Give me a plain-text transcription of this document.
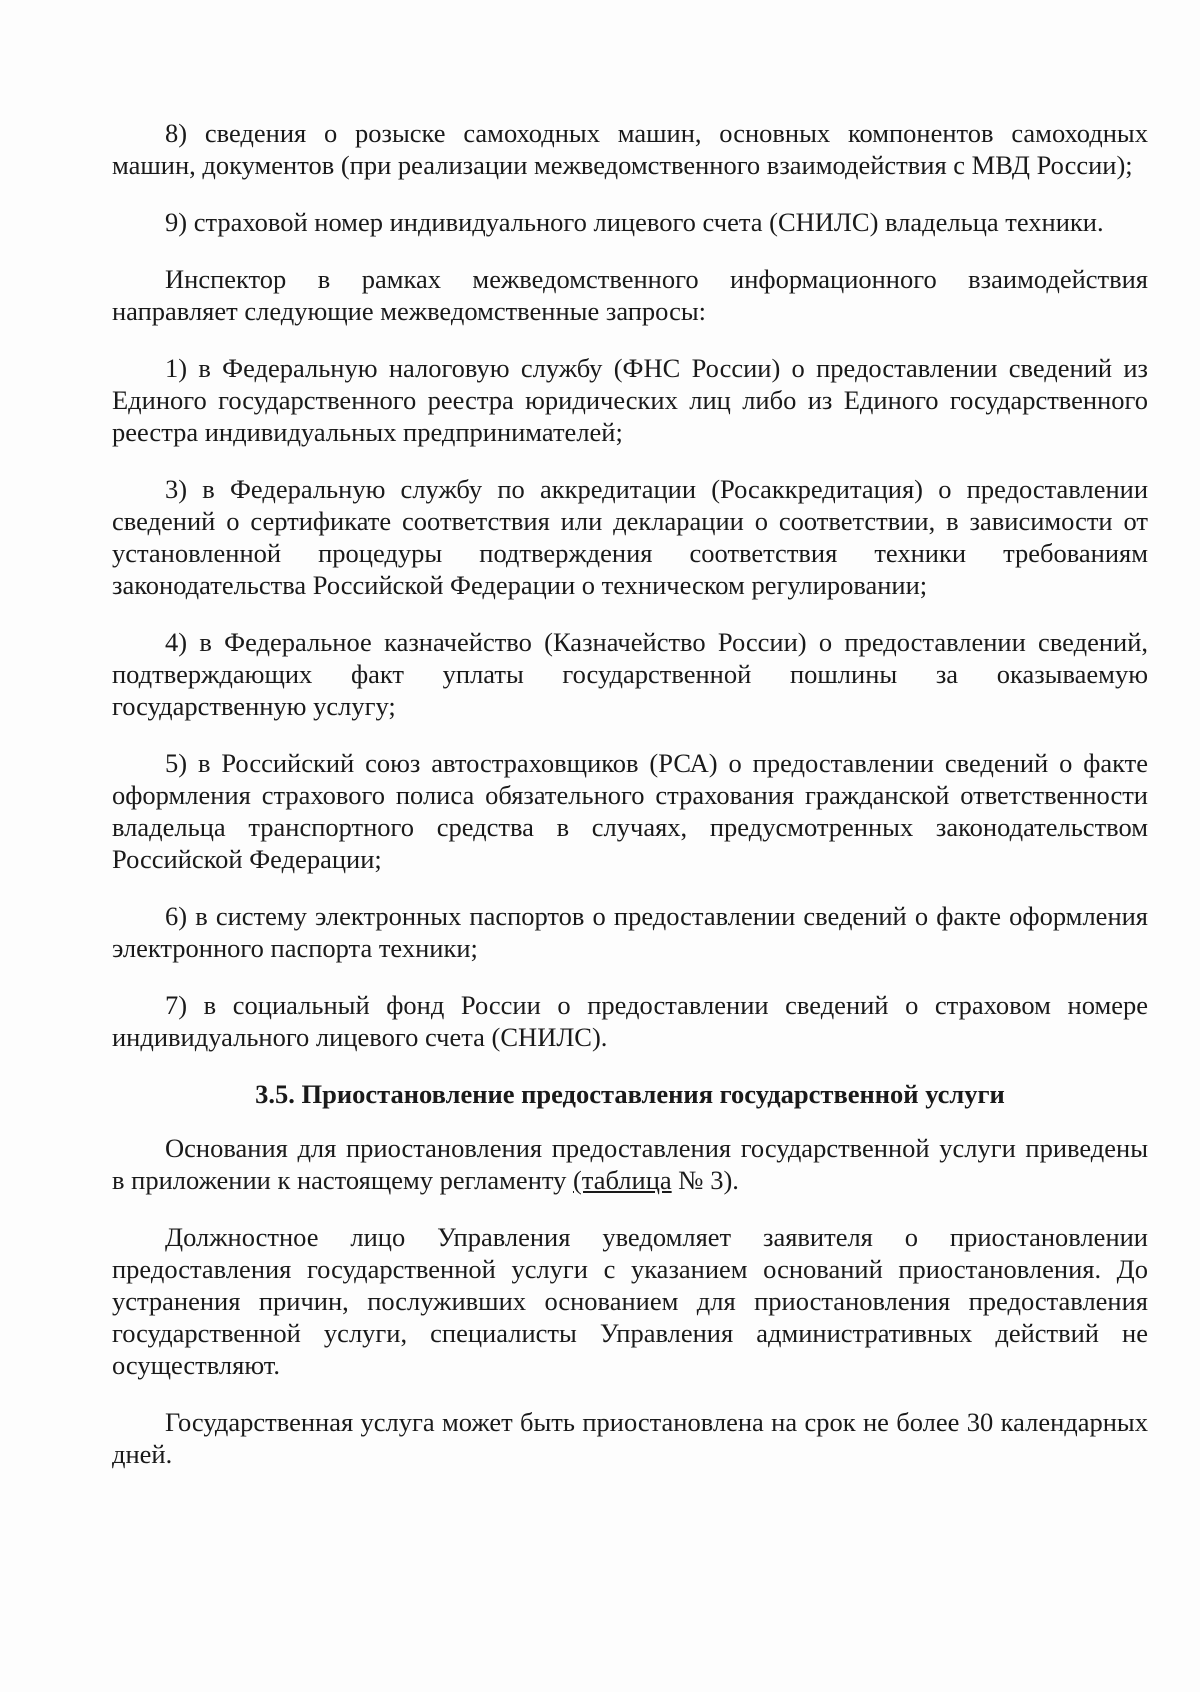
8) сведения о розыске самоходных машин, основных компонентов самоходных машин, документов (при реализации межведомственного взаимодействия с МВД России);

9) страховой номер индивидуального лицевого счета (СНИЛС) владельца техники.

Инспектор в рамках межведомственного информационного взаимодействия направляет следующие межведомственные запросы:

1) в Федеральную налоговую службу (ФНС России) о предоставлении сведений из Единого государственного реестра юридических лиц либо из Единого государственного реестра индивидуальных предпринимателей;

3) в Федеральную службу по аккредитации (Росаккредитация) о предоставлении сведений о сертификате соответствия или декларации о соответствии, в зависимости от установленной процедуры подтверждения соответствия техники требованиям законодательства Российской Федерации о техническом регулировании;

4) в Федеральное казначейство (Казначейство России) о предоставлении сведений, подтверждающих факт уплаты государственной пошлины за оказываемую государственную услугу;

5) в Российский союз автостраховщиков (РСА) о предоставлении сведений о факте оформления страхового полиса обязательного страхования гражданской ответственности владельца транспортного средства в случаях, предусмотренных законодательством Российской Федерации;

6) в систему электронных паспортов о предоставлении сведений о факте оформления электронного паспорта техники;

7) в социальный фонд России о предоставлении сведений о страховом номере индивидуального лицевого счета (СНИЛС).

3.5. Приостановление предоставления государственной услуги

Основания для приостановления предоставления государственной услуги приведены в приложении к настоящему регламенту (таблица № 3).

Должностное лицо Управления уведомляет заявителя о приостановлении предоставления государственной услуги с указанием оснований приостановления. До устранения причин, послуживших основанием для приостановления предоставления государственной услуги, специалисты Управления административных действий не осуществляют.

Государственная услуга может быть приостановлена на срок не более 30 календарных дней.
